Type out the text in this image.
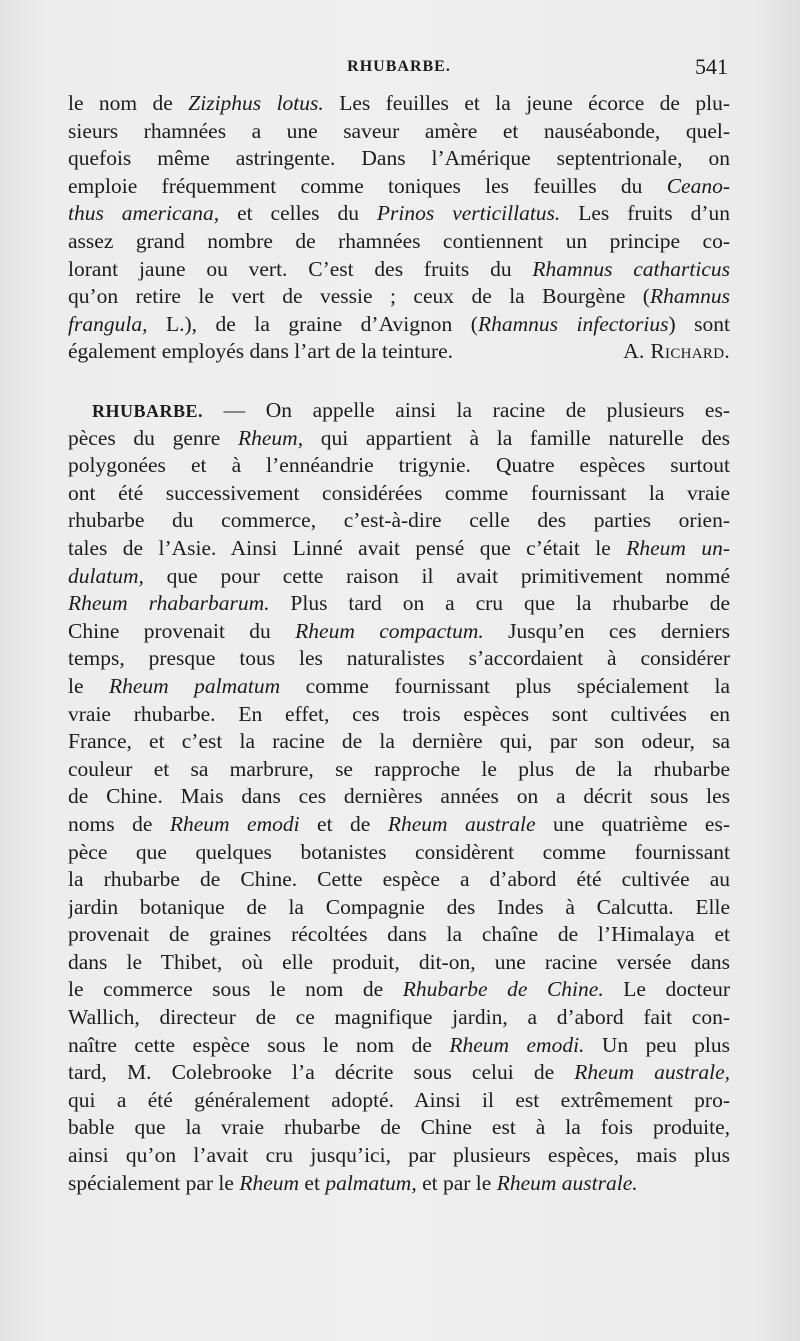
RHUBARBE.	541
le nom de Ziziphus lotus. Les feuilles et la jeune écorce de plu-
sieurs rhamnées a une saveur amère et nauséabonde, quel-
quefois même astringente. Dans l’Amérique septentrionale, on
emploie fréquemment comme toniques les feuilles du Ceano-
thus americana, et celles du Prinos verticillatus. Les fruits d’un
assez grand nombre de rhamnées contiennent un principe co-
lorant jaune ou vert. C’est des fruits du Rhamnus catharticus
qu’on retire le vert de vessie ; ceux de la Bourgène (Rhamnus
frangula, L.), de la graine d’Avignon (Rhamnus infectorius) sont
également employés dans l’art de la teinture.	A. Richard.
RHUBARBE. — On appelle ainsi la racine de plusieurs es-
pèces du genre Rheum, qui appartient à la famille naturelle des
polygonées et à l’ennéandrie trigynie. Quatre espèces surtout
ont été successivement considérées comme fournissant la vraie
rhubarbe du commerce, c’est-à-dire celle des parties orien-
tales de l’Asie. Ainsi Linné avait pensé que c’était le Rheum un-
dulatum, que pour cette raison il avait primitivement nommé
Rheum rhabarbarum. Plus tard on a cru que la rhubarbe de
Chine provenait du Rheum compactum. Jusqu’en ces derniers
temps, presque tous les naturalistes s’accordaient à considérer
le Rheum palmatum comme fournissant plus spécialement la
vraie rhubarbe. En effet, ces trois espèces sont cultivées en
France, et c’est la racine de la dernière qui, par son odeur, sa
couleur et sa marbrure, se rapproche le plus de la rhubarbe
de Chine. Mais dans ces dernières années on a décrit sous les
noms de Rheum emodi et de Rheum australe une quatrième es-
pèce que quelques botanistes considèrent comme fournissant
la rhubarbe de Chine. Cette espèce a d’abord été cultivée au
jardin botanique de la Compagnie des Indes à Calcutta. Elle
provenait de graines récoltées dans la chaîne de l’Himalaya et
dans le Thibet, où elle produit, dit-on, une racine versée dans
le commerce sous le nom de Rhubarbe de Chine. Le docteur
Wallich, directeur de ce magnifique jardin, a d’abord fait con-
naître cette espèce sous le nom de Rheum emodi. Un peu plus
tard, M. Colebrooke l’a décrite sous celui de Rheum australe,
qui a été généralement adopté. Ainsi il est extrêmement pro-
bable que la vraie rhubarbe de Chine est à la fois produite,
ainsi qu’on l’avait cru jusqu’ici, par plusieurs espèces, mais plus
spécialement par le Rheum et palmatum, et par le Rheum australe.
